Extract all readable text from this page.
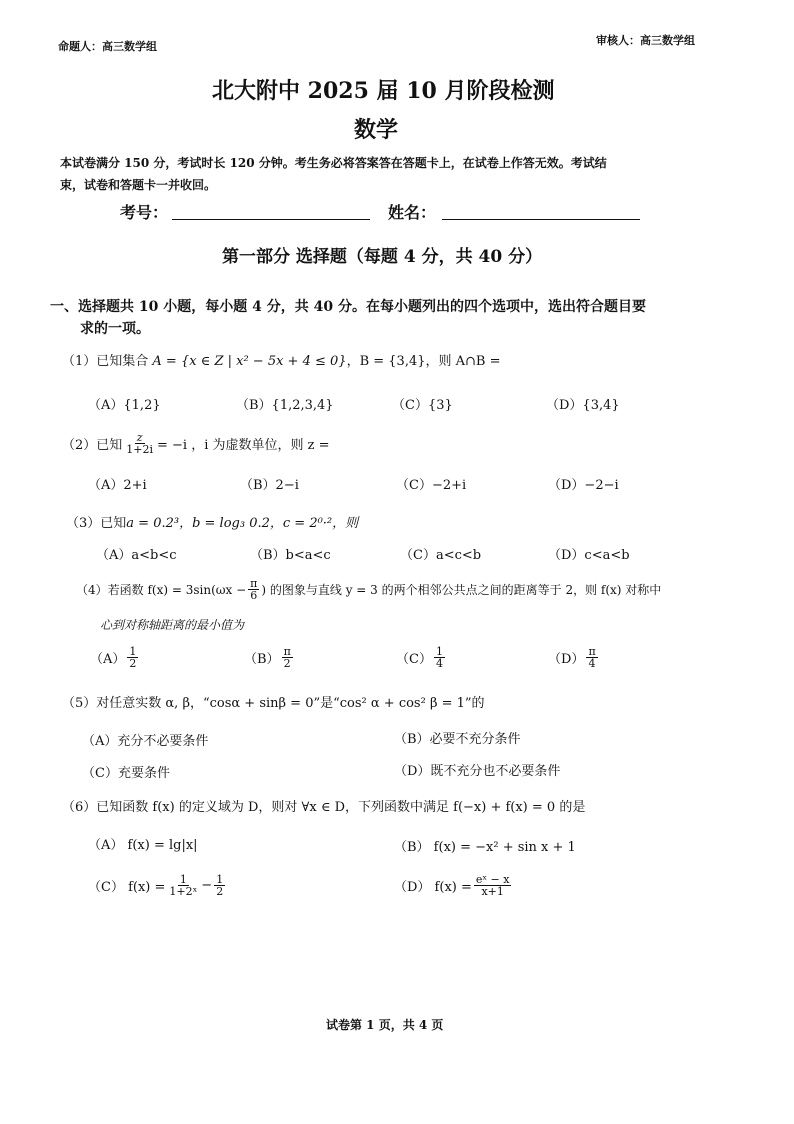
命题人：高三数学组	审核人：高三数学组
北大附中 2025 届 10 月阶段检测
数学
本试卷满分 150 分，考试时长 120 分钟。考生务必将答案答在答题卡上，在试卷上作答无效。考试结
束，试卷和答题卡一并收回。
考号：	姓名：
第一部分 选择题（每题 4 分，共 40 分）
一、选择题共 10 小题，每小题 4 分，共 40 分。在每小题列出的四个选项中，选出符合题目要
求的一项。
（1）已知集合 A = {x ∈ Z | x² − 5x + 4 ≤ 0}，B = {3,4}，则 A∩B =
（A）{1,2}	（B）{1,2,3,4}	（C）{3}	（D）{3,4}
（2）已知 $\frac{z}{1+2i} = -i$ ，i 为虚数单位，则 z =
（A）2+i	（B）2−i	（C）−2+i	（D）−2−i
（3）已知a = 0.2³，b = log₃ 0.2，c = 2⁰·²，则
（A）a<b<c	（B）b<a<c	（C）a<c<b	（D）c<a<b
（4）若函数 $f(x) = 3\sin(\omega x - \frac{\pi}{6}$ ) 的图象与直线 y = 3 的两个相邻公共点之间的距离等于 2，则 f(x) 对称中
心到对称轴距离的最小值为
$(A) \frac{1}{2}$	$(B) \frac{\pi}{2}$	$(C) \frac{1}{4}$	$(D) \frac{\pi}{4}$
（5）对任意实数 α, β，“cosα + sinβ = 0”是“cos² α + cos² β = 1”的
（A）充分不必要条件	（B）必要不充分条件
（C）充要条件	（D）既不充分也不必要条件
（6）已知函数 f(x) 的定义域为 D，则对 ∀x ∈ D，下列函数中满足 f(−x) + f(x) = 0 的是
（A） f(x) = lg|x|	（B） f(x) = −x² + sin x + 1
（C） $f(x) = \frac{1}{\text{1+2ˣ}} - \frac{1}{2}$	（D） $f(x) = \frac{\text{eˣ − x}}{x+1}$
试卷第 1 页，共 4 页
